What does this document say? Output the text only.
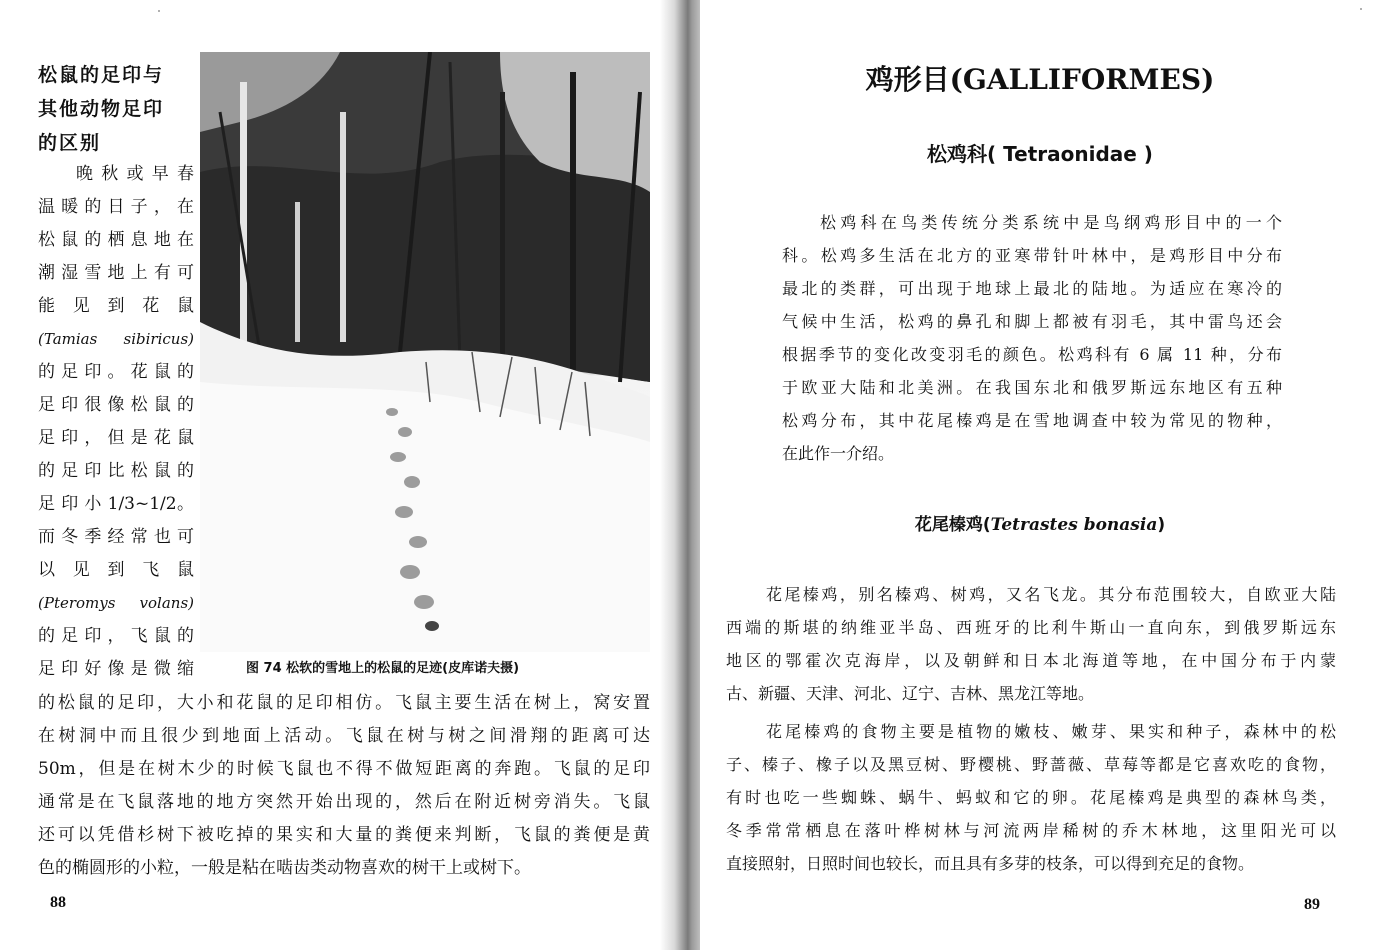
松鼠的足印与
其他动物足印
的区别
晚秋或早春
温暖的日子，在
松鼠的栖息地在
潮湿雪地上有可
能 见 到 花 鼠
(Tamias sibiricus)
的足印。花鼠的
足印很像松鼠的
足印，但是花鼠
的足印比松鼠的
足 印 小 1/3~1/2。
而冬季经常也可
以 见 到 飞 鼠
(Pteromys volans)
的足印，飞鼠的
足印好像是微缩	图 74 松软的雪地上的松鼠的足迹(皮库诺夫摄)
的松鼠的足印，大小和花鼠的足印相仿。飞鼠主要生活在树上，窝安置
在树洞中而且很少到地面上活动。飞鼠在树与树之间滑翔的距离可达
50m，但是在树木少的时候飞鼠也不得不做短距离的奔跑。飞鼠的足印
通常是在飞鼠落地的地方突然开始出现的，然后在附近树旁消失。飞鼠
还可以凭借杉树下被吃掉的果实和大量的粪便来判断，飞鼠的粪便是黄
色的椭圆形的小粒，一般是粘在啮齿类动物喜欢的树干上或树下。
88
鸡形目(GALLIFORMES)
松鸡科( Tetraonidae )
松鸡科在鸟类传统分类系统中是鸟纲鸡形目中的一个
科。松鸡多生活在北方的亚寒带针叶林中，是鸡形目中分布
最北的类群，可出现于地球上最北的陆地。为适应在寒冷的
气候中生活，松鸡的鼻孔和脚上都被有羽毛，其中雷鸟还会
根据季节的变化改变羽毛的颜色。松鸡科有 6 属 11 种，分布
于欧亚大陆和北美洲。在我国东北和俄罗斯远东地区有五种
松鸡分布，其中花尾榛鸡是在雪地调查中较为常见的物种，
在此作一介绍。
花尾榛鸡(Tetrastes bonasia)
花尾榛鸡，别名榛鸡、树鸡，又名飞龙。其分布范围较大，自欧亚大陆
西端的斯堪的纳维亚半岛、西班牙的比利牛斯山一直向东，到俄罗斯远东
地区的鄂霍次克海岸，以及朝鲜和日本北海道等地，在中国分布于内蒙
古、新疆、天津、河北、辽宁、吉林、黑龙江等地。
花尾榛鸡的食物主要是植物的嫩枝、嫩芽、果实和种子，森林中的松
子、榛子、橡子以及黑豆树、野樱桃、野蔷薇、草莓等都是它喜欢吃的食物，
有时也吃一些蜘蛛、蜗牛、蚂蚁和它的卵。花尾榛鸡是典型的森林鸟类，
冬季常常栖息在落叶桦树林与河流两岸稀树的乔木林地，这里阳光可以
直接照射，日照时间也较长，而且具有多芽的枝条，可以得到充足的食物。
89
